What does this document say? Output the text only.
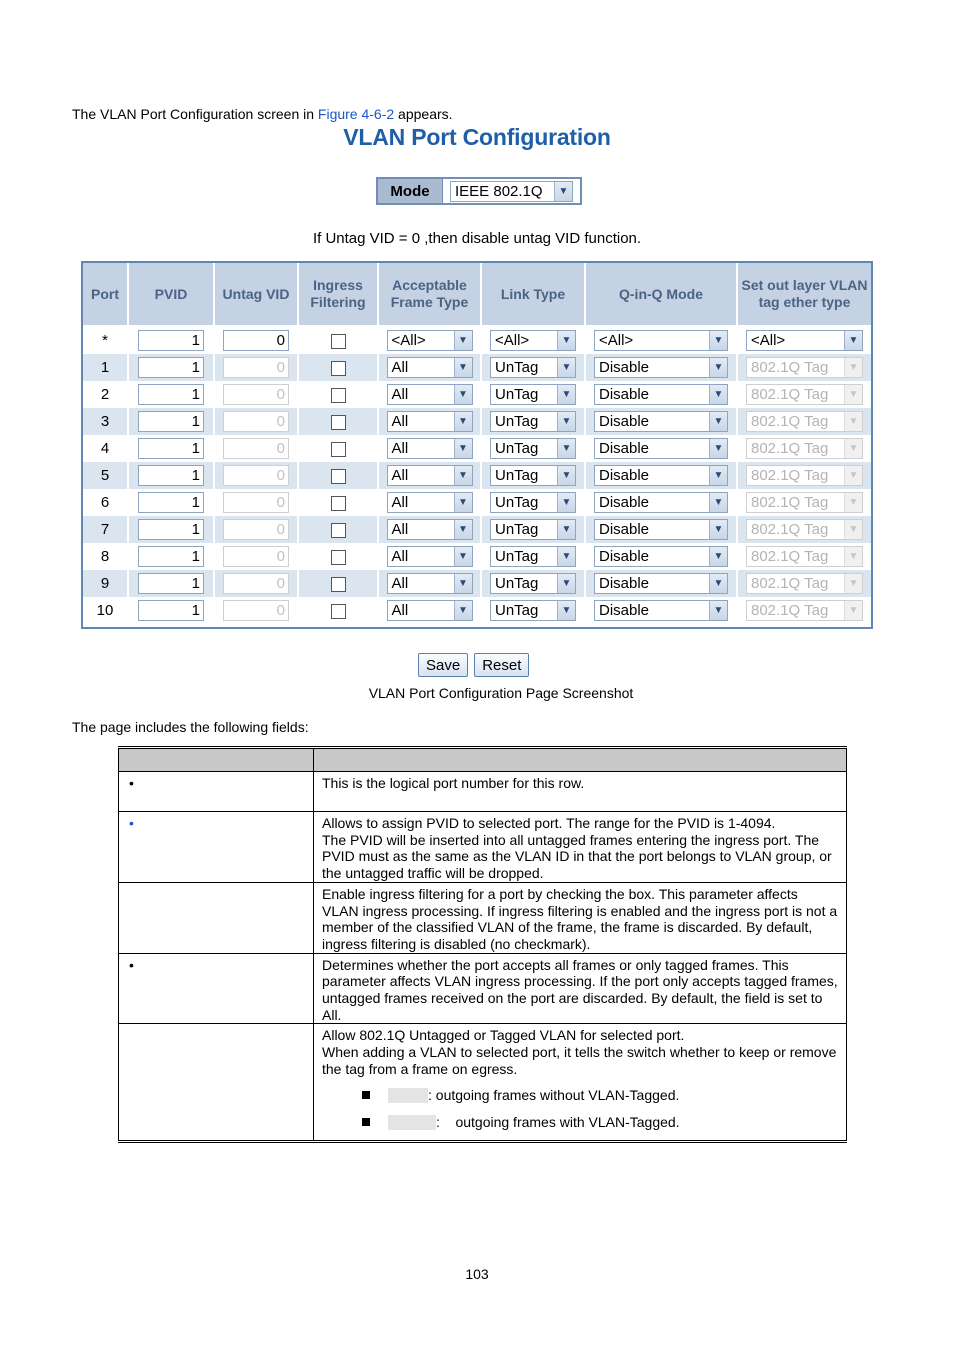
The VLAN Port Configuration screen in Figure 4-6-2 appears.
VLAN Port Configuration
Mode	IEEE 802.1Q	▼
If Untag VID = 0 ,then disable untag VID function.
Port	PVID	Untag VID	Ingress Filtering	Acceptable Frame Type	Link Type	Q-in-Q Mode	Set out layer VLAN tag ether type
*	1	0		<All> ▼	<All> ▼	<All> ▼	<All> ▼

1	1	0		All ▼	UnTag ▼	Disable ▼	802.1Q Tag ▼

2	1	0		All ▼	UnTag ▼	Disable ▼	802.1Q Tag ▼

3	1	0		All ▼	UnTag ▼	Disable ▼	802.1Q Tag ▼

4	1	0		All ▼	UnTag ▼	Disable ▼	802.1Q Tag ▼

5	1	0		All ▼	UnTag ▼	Disable ▼	802.1Q Tag ▼

6	1	0		All ▼	UnTag ▼	Disable ▼	802.1Q Tag ▼

7	1	0		All ▼	UnTag ▼	Disable ▼	802.1Q Tag ▼

8	1	0		All ▼	UnTag ▼	Disable ▼	802.1Q Tag ▼

9	1	0		All ▼	UnTag ▼	Disable ▼	802.1Q Tag ▼

10	1	0		All ▼	UnTag ▼	Disable ▼	802.1Q Tag ▼
Save	Reset
VLAN Port Configuration Page Screenshot
The page includes the following fields:

•	This is the logical port number for this row.
•	Allows to assign PVID to selected port. The range for the PVID is 1-4094.
The PVID will be inserted into all untagged frames entering the ingress port. The PVID must as the same as the VLAN ID in that the port belongs to VLAN group, or the untagged traffic will be dropped.

	Enable ingress filtering for a port by checking the box. This parameter affects VLAN ingress processing. If ingress filtering is enabled and the ingress port is not a member of the classified VLAN of the frame, the frame is discarded. By default, ingress filtering is disabled (no checkmark).
•	Determines whether the port accepts all frames or only tagged frames. This parameter affects VLAN ingress processing. If the port only accepts tagged frames, untagged frames received on the port are discarded. By default, the field is set to All.

	Allow 802.1Q Untagged or Tagged VLAN for selected port.
When adding a VLAN to selected port, it tells the switch whether to keep or remove the tag from a frame on egress.
: outgoing frames without VLAN-Tagged.
:    outgoing frames with VLAN-Tagged.
103
